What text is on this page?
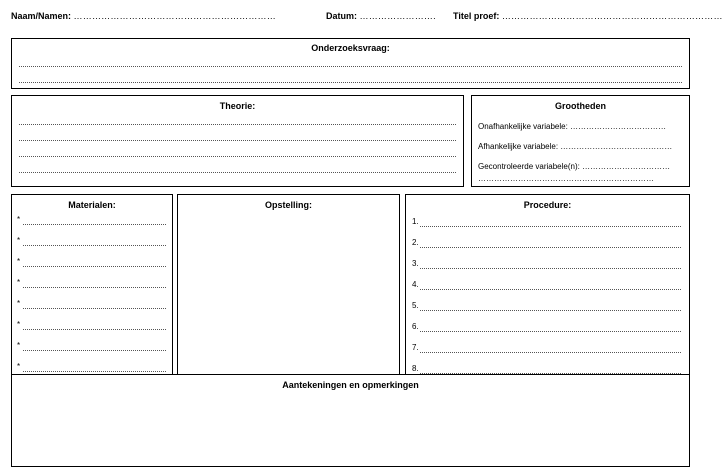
Naam/Namen: …………………………………………………………	Datum: ……………………. Titel proef: ………………………………………………………………
Onderzoeksvraag:
Theorie:	Grootheden
Onafhankelijke variabele: ………………………………
Afhankelijke variabele: ……………………………………
Gecontroleerde variabele(n): ……………………………
…………………………………………………………
Materialen:
*
*
*
*
*
*
*
*
Opstelling:	Procedure:
1.
2.
3.
4.
5.
6.
7.
8.
Aantekeningen en opmerkingen
